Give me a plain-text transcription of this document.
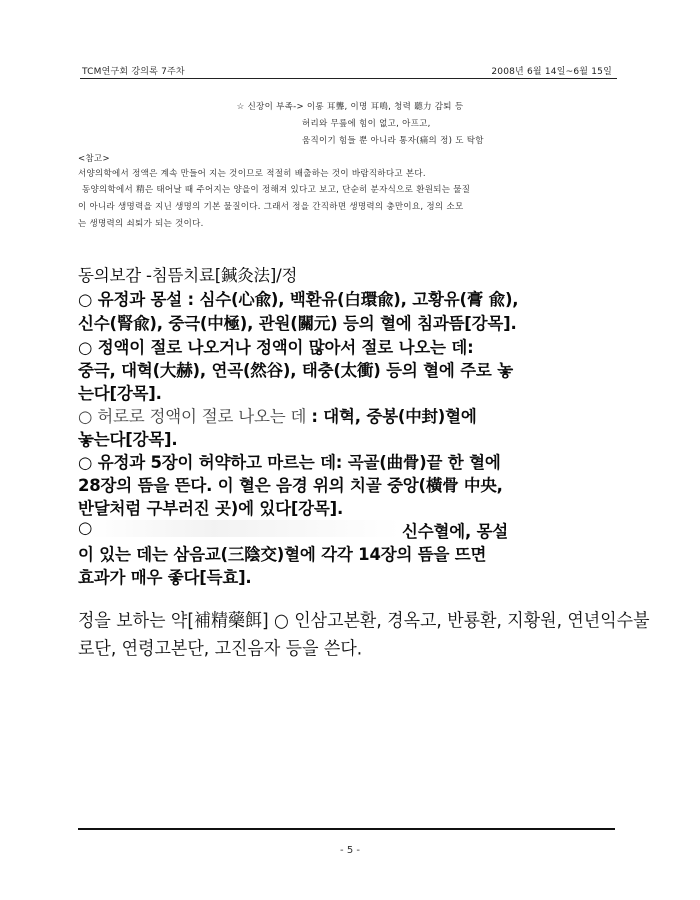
TCM연구회 강의록 7주차	2008년 6월 14일~6월 15일
☆ 신장이 부족-> 이롱 耳聾, 이명 耳鳴, 청력 聽力 감퇴 등
허리와 무릎에 힘이 없고, 아프고,
움직이기 힘들 뿐 아니라 통자(痛의 정) 도 탁함
<참고>
서양의학에서 정액은 계속 만들어 지는 것이므로 적절히 배출하는 것이 바람직하다고 본다.
동양의학에서 精은 태어날 때 주어지는 양을이 정해져 있다고 보고, 단순히 분자식으로 환원되는 물질
이 아니라 생명력을 지닌 생명의 기본 물질이다. 그래서 정을 간직하면 생명력의 충만이요, 정의 소모
는 생명력의 쇠퇴가 되는 것이다.
동의보감 -침뜸치료[鍼灸法]/정
○ 유정과 몽설 : 심수(心兪), 백환유(白環兪), 고황유(膏 兪),
신수(腎兪), 중극(中極), 관원(關元) 등의 혈에 침과뜸[강목].
○ 정액이 절로 나오거나 정액이 많아서 절로 나오는 데:
중극, 대혁(大赫), 연곡(然谷), 태충(太衝) 등의 혈에 주로 놓
는다[강목].
○ 허로로 정액이 절로 나오는 데 : 대혁, 중봉(中封)혈에
놓는다[강목].
○ 유정과 5장이 허약하고 마르는 데: 곡골(曲骨)끝 한 혈에
28장의 뜸을 뜬다. 이 혈은 음경 위의 치골 중앙(橫骨 中央,
반달처럼 구부러진 곳)에 있다[강목].
○	신수혈에, 몽설
이 있는 데는 삼음교(三陰交)혈에 각각 14장의 뜸을 뜨면
효과가 매우 좋다[득효].
정을 보하는 약[補精藥餌] ○ 인삼고본환, 경옥고, 반룡환, 지황원, 연년익수불
로단, 연령고본단, 고진음자 등을 쓴다.
- 5 -
